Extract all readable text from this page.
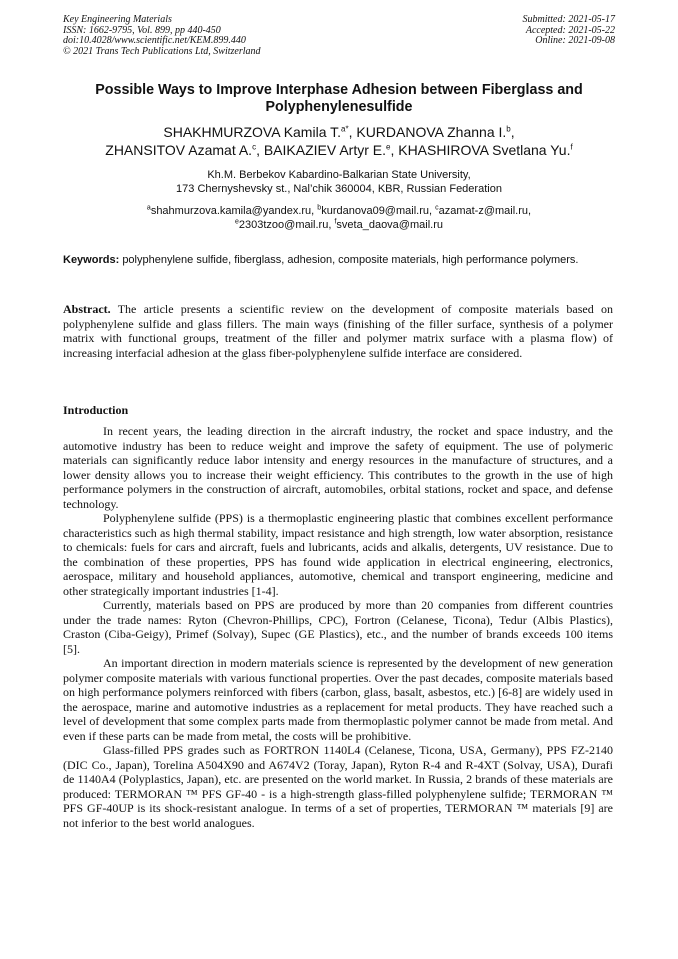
Key Engineering Materials
ISSN: 1662-9795, Vol. 899, pp 440-450
doi:10.4028/www.scientific.net/KEM.899.440
© 2021 Trans Tech Publications Ltd, Switzerland
Submitted: 2021-05-17
Accepted: 2021-05-22
Online: 2021-09-08
Possible Ways to Improve Interphase Adhesion between Fiberglass and
Polyphenylenesulfide
SHAKHMURZOVA Kamila T.$^{a*}$, KURDANOVA Zhanna I.$^b$,
ZHANSITOV Azamat A.$^c$, BAIKAZIEV Artyr E.$^e$, KHASHIROVA Svetlana Yu.$^f$
Kh.M. Berbekov Kabardino-Balkarian State University,
173 Chernyshevsky st., Nal’chik 360004, KBR, Russian Federation
$^a$shahmurzova.kamila@yandex.ru, $^b$kurdanova09@mail.ru, $^c$azamat-z@mail.ru,
$^e$2303tzoo@mail.ru, $^f$sveta_daova@mail.ru
Keywords: polyphenylene sulfide, fiberglass, adhesion, composite materials, high performance polymers.
Abstract. The article presents a scientific review on the development of composite materials based on polyphenylene sulfide and glass fillers. The main ways (finishing of the filler surface, synthesis of a polymer matrix with functional groups, treatment of the filler and polymer matrix surface with a plasma flow) of increasing interfacial adhesion at the glass fiber-polyphenylene sulfide interface are considered.
Introduction

In recent years, the leading direction in the aircraft industry, the rocket and space industry, and the automotive industry has been to reduce weight and improve the safety of equipment. The use of polymeric materials can significantly reduce labor intensity and energy resources in the manufacture of structures, and a lower density allows you to increase their weight efficiency. This contributes to the growth in the use of high performance polymers in the construction of aircraft, automobiles, orbital stations, rocket and space, and defense technology.

Polyphenylene sulfide (PPS) is a thermoplastic engineering plastic that combines excellent performance characteristics such as high thermal stability, impact resistance and high strength, low water absorption, resistance to chemicals: fuels for cars and aircraft, fuels and lubricants, acids and alkalis, detergents, UV resistance. Due to the combination of these properties, PPS has found wide application in electrical engineering, electronics, aerospace, military and household appliances, automotive, chemical and transport engineering, medicine and other strategically important industries [1-4].

Currently, materials based on PPS are produced by more than 20 companies from different countries under the trade names: Ryton (Chevron-Phillips, CPC), Fortron (Celanese, Ticona), Tedur (Albis Plastics), Craston (Ciba-Geigy), Primef (Solvay), Supec (GE Plastics), etc., and the number of brands exceeds 100 items [5].

An important direction in modern materials science is represented by the development of new generation polymer composite materials with various functional properties. Over the past decades, composite materials based on high performance polymers reinforced with fibers (carbon, glass, basalt, asbestos, etc.) [6-8] are widely used in the aerospace, marine and automotive industries as a replacement for metal products. They have reached such a level of development that some complex parts made from thermoplastic polymer cannot be made from metal. And even if these parts can be made from metal, the costs will be prohibitive.

Glass-filled PPS grades such as FORTRON 1140L4 (Celanese, Ticona, USA, Germany), PPS FZ-2140 (DIC Co., Japan), Torelina A504X90 and A674V2 (Toray, Japan), Ryton R-4 and R-4XT (Solvay, USA), Durafi de 1140A4 (Polyplastics, Japan), etc. are presented on the world market. In Russia, 2 brands of these materials are produced: TERMORAN ™ PFS GF-40 - is a high-strength glass-filled polyphenylene sulfide; TERMORAN ™ PFS GF-40UP is its shock-resistant analogue. In terms of a set of properties, TERMORAN ™ materials [9] are not inferior to the best world analogues.
